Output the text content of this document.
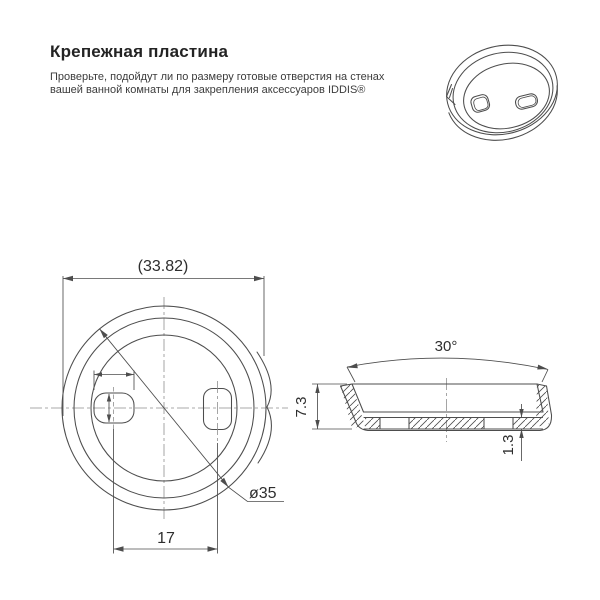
Крепежная пластина
Проверьте, подойдут ли по размеру готовые отверстия на стенах
вашей ванной комнаты для закрепления аксессуаров IDDIS®
(33.82)
ø35
17
30°
7.3
1.3
